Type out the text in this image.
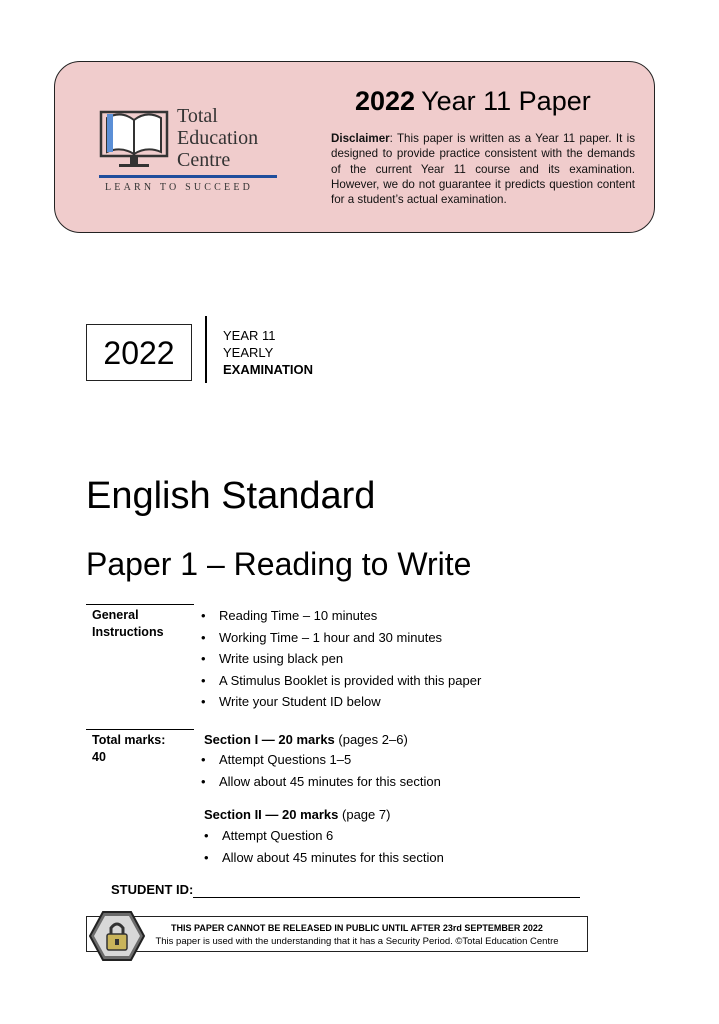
Total
Education
Centre
LEARN TO SUCCEED
2022 Year 11 Paper
Disclaimer: This paper is written as a Year 11 paper. It is designed to provide practice consistent with the demands of the current Year 11 course and its examination. However, we do not guarantee it predicts question content for a student’s actual examination.
2022	YEAR 11
YEARLY
EXAMINATION
English Standard
Paper 1 – Reading to Write
General
Instructions
• Reading Time – 10 minutes
• Working Time – 1 hour and 30 minutes
• Write using black pen
• A Stimulus Booklet is provided with this paper
• Write your Student ID below
Total marks:
40
Section I — 20 marks (pages 2–6)
• Attempt Questions 1–5
• Allow about 45 minutes for this section
Section II — 20 marks (page 7)
• Attempt Question 6
• Allow about 45 minutes for this section
STUDENT ID:
THIS PAPER CANNOT BE RELEASED IN PUBLIC UNTIL AFTER 23rd SEPTEMBER 2022
This paper is used with the understanding that it has a Security Period. ©Total Education Centre
